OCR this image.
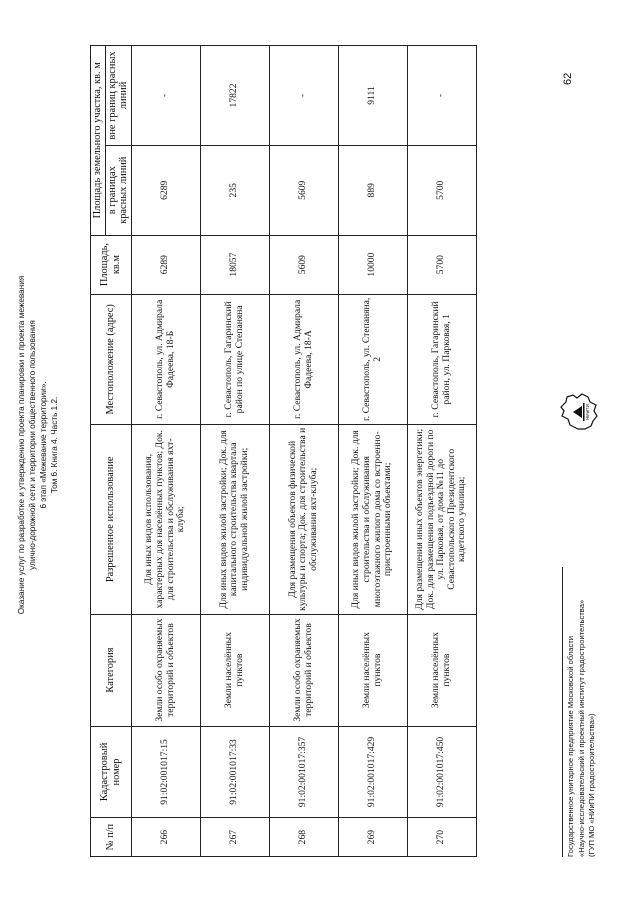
Оказание услуг по разработке и утверждению проекта планировки и проекта межевания улично-дорожной сети и территории общественного пользования 6 этап «Межевание территории». Том 6. Книга 4. Часть 1.2.
62
№ п/п	Кадастровый номер	Категория	Разрешенное использование	Местоположение (адрес)	Площадь, кв.м	Площадь земельного участка, кв. м	
						в границах красных линий	вне границ красных линий
266	91:02:001017:15	Земли особо охраняемых территорий и объектов	Для иных видов использования, характерных для населённых пунктов; Док. для строительства и обслуживания яхт-клуба;	г. Севастополь, ул. Адмирала Фадеева, 18-Б	6289	6289	-
267	91:02:001017:33	Земли населённых пунктов	Для иных видов жилой застройки; Док. для капитального строительства квартала индивидуальной жилой застройки;	г. Севастополь, Гагаринский район по улице Степаняна	18057	235	17822
268	91:02:001017:357	Земли особо охраняемых территорий и объектов	Для размещения объектов физической культуры и спорта; Док. для строительства и обслуживания яхт-клуба;	г. Севастополь, ул. Адмирала Фадеева, 18-А	5609	5609	-
269	91:02:001017:429	Земли населённых пунктов	Для иных видов жилой застройки; Док. для строительства и обслуживания многоэтажного жилого дома со встроенно-пристроенными объектами;	г. Севастополь, ул. Степаняна, 2	10000	889	9111
270	91:02:001017:450	Земли населённых пунктов	Для размещения иных объектов энергетики; Док. для размещения подъездной дороги по ул. Парковая, от дома №11 до Севастопольского Президентского кадетского училища;	г. Севастополь, Гагаринский район, ул. Парковая, 1	5700	5700	-
Государственное унитарное предприятие Московской области «Научно-исследовательский и проектный институт градостроительства» (ГУП МО «НИиПИ градостроительства»)
НИиПИ
